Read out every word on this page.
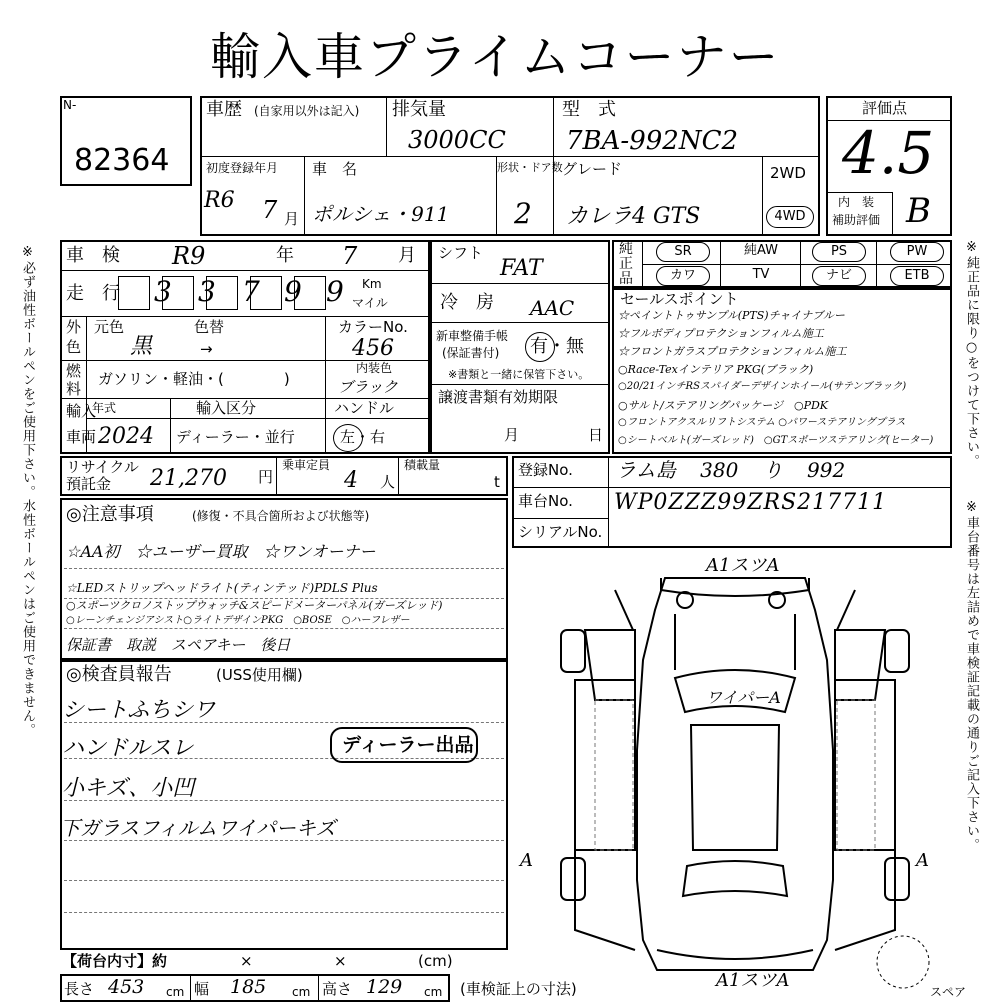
輸入車プライムコーナー
※必ず油性ボールペンをご使用下さい。水性ボールペンはご使用できません。	※純正品に限り○をつけて下さい。
※車台番号は左詰めで車検証記載の通りご記入下さい。
N-
82364
評価点
4.5
内　装
補助評価 B
車歴 (自家用以外は記入) 排気量
3000CC
型　式
7BA-992NC2
初度登録年月
R6 7 月
車　名
ポルシェ・911
形状・ドア数
2
グレード
カレラ4 GTS
2WD
4WD
車　検 R9	年 7 月
走　行 3 3 7 9 9 Km
マイル
外
色
元色	色替
黒	→
カラーNo.
456
燃
料
ガソリン・軽油・(　　　　)
内装色
ブラック
輸入
車両
年式
2024
輸入区分
ディーラー・並行
ハンドル
左・右
シフト
FAT
冷　房 AAC
新車整備手帳
(保証書付) 有・無
※書類と一緒に保管下さい。
譲渡書類有効期限
月	日
純正品
SR	純AW	PS	PW
カワ	TV	ナビ	ETB
セールスポイント
☆ペイントトゥサンプル(PTS)チャイナブルー
☆フルボディプロテクションフィルム施工
☆フロントガラスプロテクションフィルム施工
○Race-Texインテリア PKG(ブラック)
○20/21インチRSスパイダーデザインホイール(サテンブラック)
○サルト/ステアリングパッケージ　○PDK
○フロントアクスルリフトシステム ○パワーステアリングプラス
○シートベルト(ガーズレッド)　○GTスポーツステアリング(ヒーター)
リサイクル
預託金 21,270 円
乗車定員
4 人
積載量
t
登録No. ラム島 380 り 992
車台No. WP0ZZZ99ZRS217711
シリアルNo.
◎注意事項	(修復・不具合箇所および状態等)
☆AA初　☆ユーザー買取　☆ワンオーナー
☆LEDストリップヘッドライト(ティンテッド)PDLS Plus
○スポーツクロノストップウォッチ&スピードメーターパネル(ガーズレッド)
○レーンチェンジアシスト○ライトデザインPKG　○BOSE　○ハーフレザー
保証書　取説　スペアキー　後日
◎検査員報告	(USS使用欄)
シートふちシワ
ハンドルスレ
小キズ、小凹
下ガラスフィルムワイパーキズ
ディーラー出品
【荷台内寸】約	×	×	(cm)
長さ 453 cm 幅 185 cm 高さ 129 cm (車検証上の寸法)
A1スツA
ワイパーA
A	A
A1スツA
スペア
